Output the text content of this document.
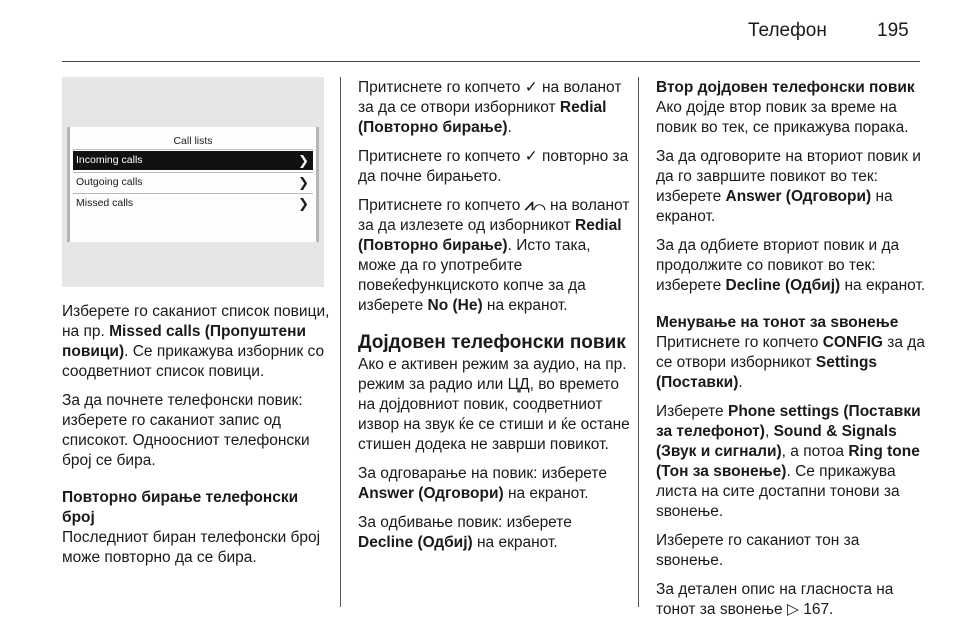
Телефон	195
Call lists
Incoming calls	❯
Outgoing calls	❯
Missed calls	❯

Изберете го саканиот список повици, на пр. Missed calls (Пропуштени повици). Се прикажува изборник со соодветниот список повици.

За да почнете телефонски повик: изберете го саканиот запис од списокот. Одноосниот телефонски број се бира.

Повторно бирање телефонски број

Последниот биран телефонски број може повторно да се бира.

Притиснете го копчето ✓ на воланот за да се отвори изборникот Redial (Повторно бирање).

Притиснете го копчето ✓ повторно за да почне бирањето.

Притиснете го копчето ⩘⌒ на воланот за да излезете од изборникот Redial (Повторно бирање). Исто така, може да го употребите повеќефункциското копче за да изберете No (Не) на екранот.

Дојдовен телефонски повик

Ако е активен режим за аудио, на пр. режим за радио или ЦД, во времето на дојдовниот повик, соодветниот извор на звук ќе се стиши и ќе остане стишен додека не заврши повикот.

За одговарање на повик: изберете Answer (Одговори) на екранот.

За одбивање повик: изберете Decline (Одбиј) на екранот.

Втор дојдовен телефонски повик

Ако дојде втор повик за време на повик во тек, се прикажува порака.

За да одговорите на вториот повик и да го завршите повикот во тек: изберете Answer (Одговори) на екранот.

За да одбиете вториот повик и да продолжите со повикот во тек: изберете Decline (Одбиј) на екранот.

Менување на тонот за ѕвонење

Притиснете го копчето CONFIG за да се отвори изборникот Settings (Поставки).

Изберете Phone settings (Поставки за телефонот), Sound & Signals (Звук и сигнали), а потоа Ring tone (Тон за ѕвонење). Се прикажува листа на сите достапни тонови за ѕвонење.

Изберете го саканиот тон за ѕвонење.

За детален опис на гласноста на тонот за ѕвонење ▷ 167.
